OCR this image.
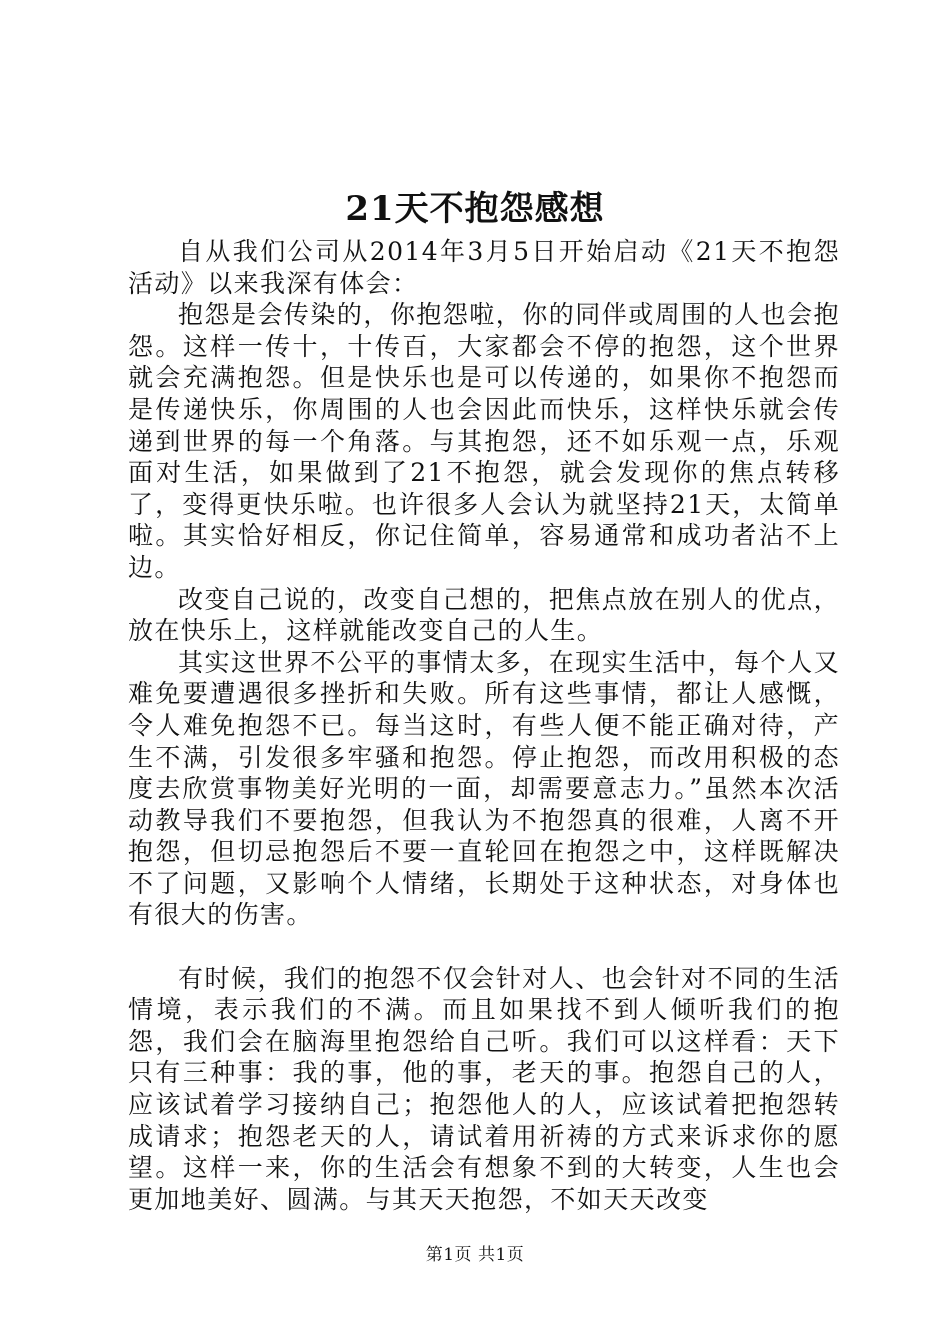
21天不抱怨感想

自从我们公司从2014年3月5日开始启动《21天不抱怨活动》以来我深有体会：

抱怨是会传染的，你抱怨啦，你的同伴或周围的人也会抱怨。这样一传十，十传百，大家都会不停的抱怨，这个世界就会充满抱怨。但是快乐也是可以传递的，如果你不抱怨而是传递快乐，你周围的人也会因此而快乐，这样快乐就会传递到世界的每一个角落。与其抱怨，还不如乐观一点，乐观面对生活，如果做到了21不抱怨，就会发现你的焦点转移了，变得更快乐啦。也许很多人会认为就坚持21天，太简单啦。其实恰好相反，你记住简单，容易通常和成功者沾不上边。

改变自己说的，改变自己想的，把焦点放在别人的优点，放在快乐上，这样就能改变自己的人生。

其实这世界不公平的事情太多，在现实生活中，每个人又难免要遭遇很多挫折和失败。所有这些事情，都让人感慨，令人难免抱怨不已。每当这时，有些人便不能正确对待，产生不满，引发很多牢骚和抱怨。停止抱怨，而改用积极的态度去欣赏事物美好光明的一面，却需要意志力。”虽然本次活动教导我们不要抱怨，但我认为不抱怨真的很难，人离不开抱怨，但切忌抱怨后不要一直轮回在抱怨之中，这样既解决不了问题，又影响个人情绪，长期处于这种状态，对身体也有很大的伤害。

有时候，我们的抱怨不仅会针对人、也会针对不同的生活情境，表示我们的不满。而且如果找不到人倾听我们的抱怨，我们会在脑海里抱怨给自己听。我们可以这样看：天下只有三种事：我的事，他的事，老天的事。抱怨自己的人，应该试着学习接纳自己；抱怨他人的人，应该试着把抱怨转成请求；抱怨老天的人，请试着用祈祷的方式来诉求你的愿望。这样一来，你的生活会有想象不到的大转变，人生也会更加地美好、圆满。与其天天抱怨，不如天天改变

第1页 共1页
